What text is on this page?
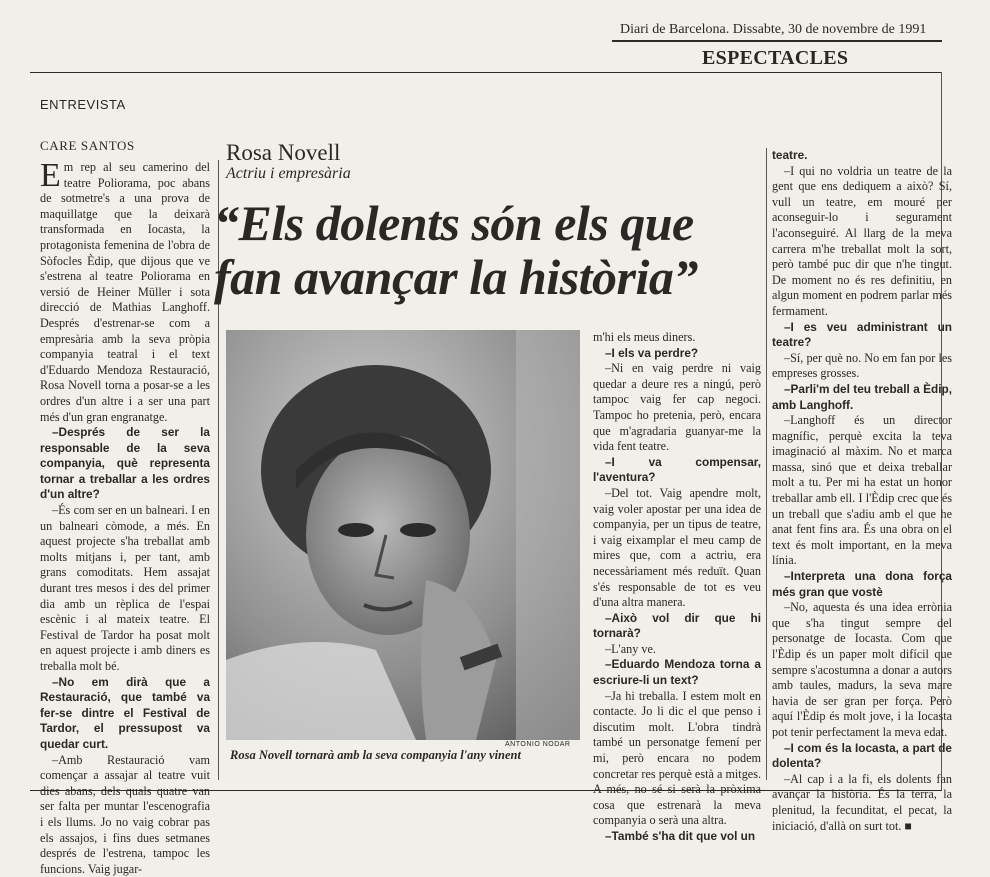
Diari de Barcelona. Dissabte, 30 de novembre de 1991
ESPECTACLES
ENTREVISTA
CARE SANTOS	Rosa Novell
Actriu i empresària
“Els dolents són els que fan avançar la història”

Em rep al seu camerino del teatre Poliorama, poc abans de sotmetre's a una prova de maquillatge que la deixarà transformada en Iocasta, la protagonista femenina de l'obra de Sòfocles Èdip, que dijous que ve s'estrena al teatre Poliorama en versió de Heiner Müller i sota direcció de Mathias Langhoff. Després d'estrenar-se com a empresària amb la seva pròpia companyia teatral i el text d'Eduardo Mendoza Restauració, Rosa Novell torna a posar-se a les ordres d'un altre i a ser una part més d'un gran engranatge.

–Després de ser la responsable de la seva companyia, què representa tornar a treballar a les ordres d'un altre?

–És com ser en un balneari. I en un balneari còmode, a més. En aquest projecte s'ha treballat amb molts mitjans i, per tant, amb grans comoditats. Hem assajat durant tres mesos i des del primer dia amb un rèplica de l'espai escènic i al mateix teatre. El Festival de Tardor ha posat molt en aquest projecte i amb diners es treballa molt bé.

–No em dirà que a Restauració, que també va fer-se dintre el Festival de Tardor, el pressupost va quedar curt.

–Amb Restauració vam començar a assajar al teatre vuit dies abans, dels quals quatre van ser falta per muntar l'escenografia i els llums. Jo no vaig cobrar pas els assajos, i fins dues setmanes després de l'estrena, tampoc les funcions. Vaig jugar-

ANTONIO NODAR
Rosa Novell tornarà amb la seva companyia l'any vinent

m'hi els meus diners.

–I els va perdre?

–Ni en vaig perdre ni vaig quedar a deure res a ningú, però tampoc vaig fer cap negoci. Tampoc ho pretenia, però, encara que m'agradaria guanyar-me la vida fent teatre.

–I va compensar, l'aventura?

–Del tot. Vaig apendre molt, vaig voler apostar per una idea de companyia, per un tipus de teatre, i vaig eixamplar el meu camp de mires que, com a actriu, era necessàriament més reduït. Quan s'és responsable de tot es veu d'una altra manera.

–Això vol dir que hi tornarà?

–L'any ve.

–Eduardo Mendoza torna a escriure-li un text?

–Ja hi treballa. I estem molt en contacte. Jo li dic el que penso i discutim molt. L'obra tindrà també un personatge femení per mi, però encara no podem concretar res perquè està a mitges. A més, no sé si serà la pròxima cosa que estrenarà la meva companyia o serà una altra.

–També s'ha dit que vol un

teatre.

–I qui no voldria un teatre de la gent que ens dediquem a això? Sí, vull un teatre, em mouré per aconseguir-lo i segurament l'aconseguiré. Al llarg de la meva carrera m'he treballat molt la sort, però també puc dir que n'he tingut. De moment no és res definitiu, en algun moment en podrem parlar més fermament.

–I es veu administrant un teatre?

–Sí, per què no. No em fan por les empreses grosses.

–Parli'm del teu treball a Èdip, amb Langhoff.

–Langhoff és un director magnífic, perquè excita la teva imaginació al màxim. No et marca massa, sinó que et deixa treballar molt a tu. Per mi ha estat un honor treballar amb ell. I l'Èdip crec que és un treball que s'adiu amb el que he anat fent fins ara. És una obra on el text és molt important, en la meva línia.

–Interpreta una dona força més gran que vostè

–No, aquesta és una idea errònia que s'ha tingut sempre del personatge de Iocasta. Com que l'Èdip és un paper molt difícil que sempre s'acostumna a donar a autors amb taules, madurs, la seva mare havia de ser gran per força. Però aquí l'Èdip és molt jove, i la Iocasta pot tenir perfectament la meva edat.

–I com és la Iocasta, a part de dolenta?

–Al cap i a la fi, els dolents fan avançar la història. És la terra, la plenitud, la fecunditat, el pecat, la iniciació, d'allà on surt tot. ■
